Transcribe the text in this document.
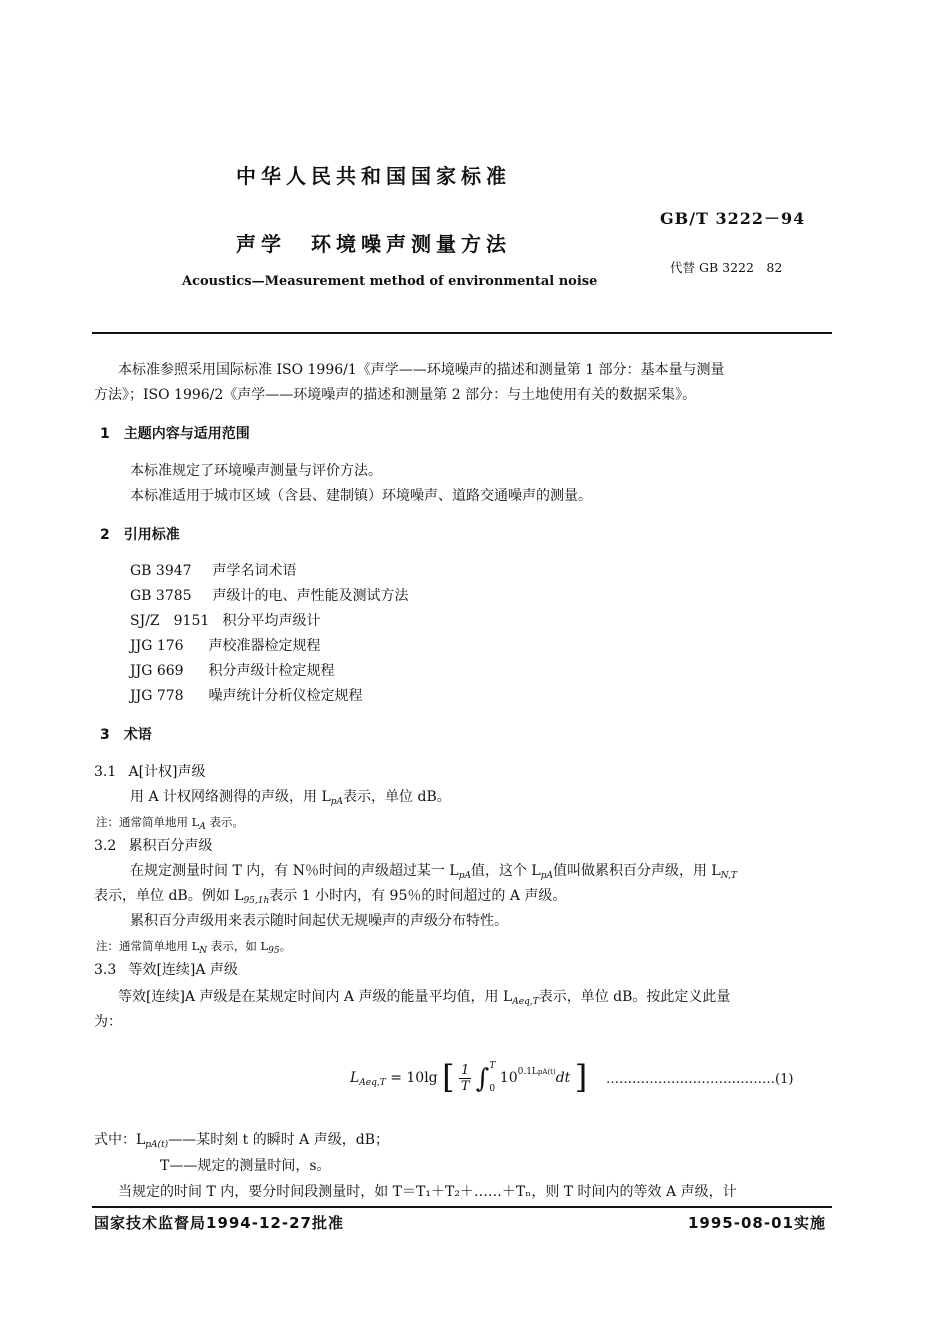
中华人民共和国国家标准
GB/T 3222－94
声学　环境噪声测量方法
代替 GB 3222　82
Acoustics—Measurement method of environmental noise
本标准参照采用国际标准 ISO 1996/1《声学——环境噪声的描述和测量第 1 部分：基本量与测量
方法》；ISO 1996/2《声学——环境噪声的描述和测量第 2 部分：与土地使用有关的数据采集》。
1　主题内容与适用范围
本标准规定了环境噪声测量与评价方法。
本标准适用于城市区域（含县、建制镇）环境噪声、道路交通噪声的测量。
2　引用标准
GB 3947 声学名词术语
GB 3785 声级计的电、声性能及测试方法
SJ/Z　9151 积分平均声级计
JJG 176 声校准器检定规程
JJG 669 积分声级计检定规程
JJG 778 噪声统计分析仪检定规程
3　术语
3.1 A[计权]声级
用 A 计权网络测得的声级，用 $L_{pA}$表示，单位 dB。
注：通常简单地用 $L_A$ 表示。
3.2 累积百分声级
在规定测量时间 T 内，有 N％时间的声级超过某一 $L_{pA}$值，这个 $L_{pA}$值叫做累积百分声级，用 $L_{N,T}$
表示，单位 dB。例如 $L_{95,1h}$表示 1 小时内，有 95％的时间超过的 A 声级。
累积百分声级用来表示随时间起伏无规噪声的声级分布特性。
注：通常简单地用 $L_N$ 表示，如 $L_{95}$。
3.3 等效[连续]A 声级
等效[连续]A 声级是在某规定时间内 A 声级的能量平均值，用 $L_{Aeq,T}$表示，单位 dB。按此定义此量
为：
$L_{Aeq,T} = 10\lg$ [ $\frac{1}{T}$ ∫ T
0
$10^{0.1LpA(t)}dt$ ] …………………………………(1)
式中：$L_{pA(t)}——$某时刻 t 的瞬时 A 声级，dB；
T——规定的测量时间，s。
当规定的时间 T 内，要分时间段测量时，如 T＝T₁＋T₂＋……＋Tₙ，则 T 时间内的等效 A 声级，计
国家技术监督局1994-12-27批准	1995-08-01实施
